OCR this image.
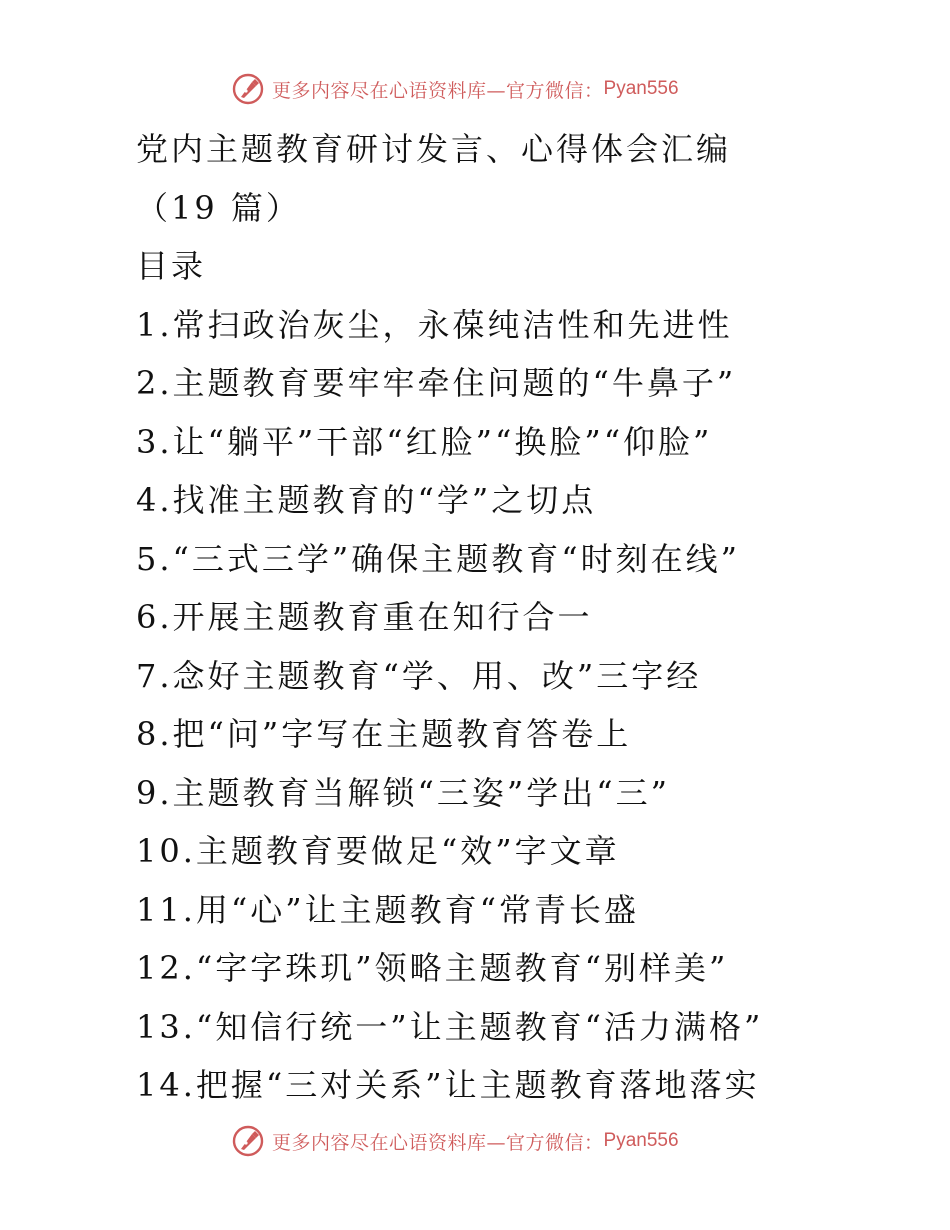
更多内容尽在心语资料库—官方微信： Pyan556
党内主题教育研讨发言、心得体会汇编
（19 篇）
目录
1.常扫政治灰尘，永葆纯洁性和先进性
2.主题教育要牢牢牵住问题的“牛鼻子”
3.让“躺平”干部“红脸”“换脸”“仰脸”
4.找准主题教育的“学”之切点
5.“三式三学”确保主题教育“时刻在线”
6.开展主题教育重在知行合一
7.念好主题教育“学、用、改”三字经
8.把“问”字写在主题教育答卷上
9.主题教育当解锁“三姿”学出“三”
10.主题教育要做足“效”字文章
11.用“心”让主题教育“常青长盛
12.“字字珠玑”领略主题教育“别样美”
13.“知信行统一”让主题教育“活力满格”
14.把握“三对关系”让主题教育落地落实
更多内容尽在心语资料库—官方微信： Pyan556
